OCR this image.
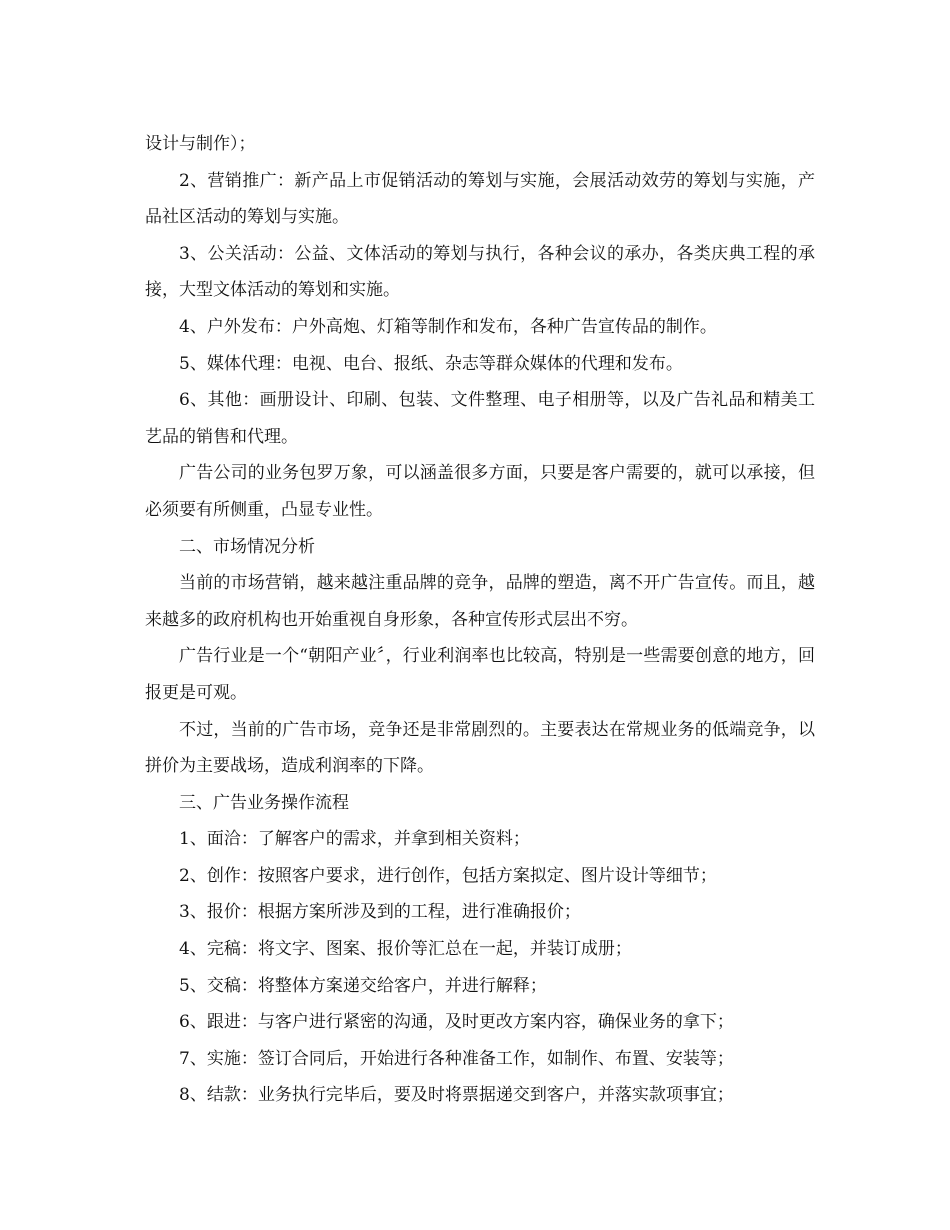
设计与制作）；

2、营销推广：新产品上市促销活动的筹划与实施，会展活动效劳的筹划与实施，产品社区活动的筹划与实施。

3、公关活动：公益、文体活动的筹划与执行，各种会议的承办，各类庆典工程的承接，大型文体活动的筹划和实施。

4、户外发布：户外高炮、灯箱等制作和发布，各种广告宣传品的制作。

5、媒体代理：电视、电台、报纸、杂志等群众媒体的代理和发布。

6、其他：画册设计、印刷、包装、文件整理、电子相册等，以及广告礼品和精美工艺品的销售和代理。

广告公司的业务包罗万象，可以涵盖很多方面，只要是客户需要的，就可以承接，但必须要有所侧重，凸显专业性。

二、市场情况分析

当前的市场营销，越来越注重品牌的竞争，品牌的塑造，离不开广告宣传。而且，越来越多的政府机构也开始重视自身形象，各种宣传形式层出不穷。

广告行业是一个“朝阳产业〞，行业利润率也比较高，特别是一些需要创意的地方，回报更是可观。

不过，当前的广告市场，竞争还是非常剧烈的。主要表达在常规业务的低端竞争，以拼价为主要战场，造成利润率的下降。

三、广告业务操作流程

1、面洽：了解客户的需求，并拿到相关资料；

2、创作：按照客户要求，进行创作，包括方案拟定、图片设计等细节；

3、报价：根据方案所涉及到的工程，进行准确报价；

4、完稿：将文字、图案、报价等汇总在一起，并装订成册；

5、交稿：将整体方案递交给客户，并进行解释；

6、跟进：与客户进行紧密的沟通，及时更改方案内容，确保业务的拿下；

7、实施：签订合同后，开始进行各种准备工作，如制作、布置、安装等；

8、结款：业务执行完毕后，要及时将票据递交到客户，并落实款项事宜；
